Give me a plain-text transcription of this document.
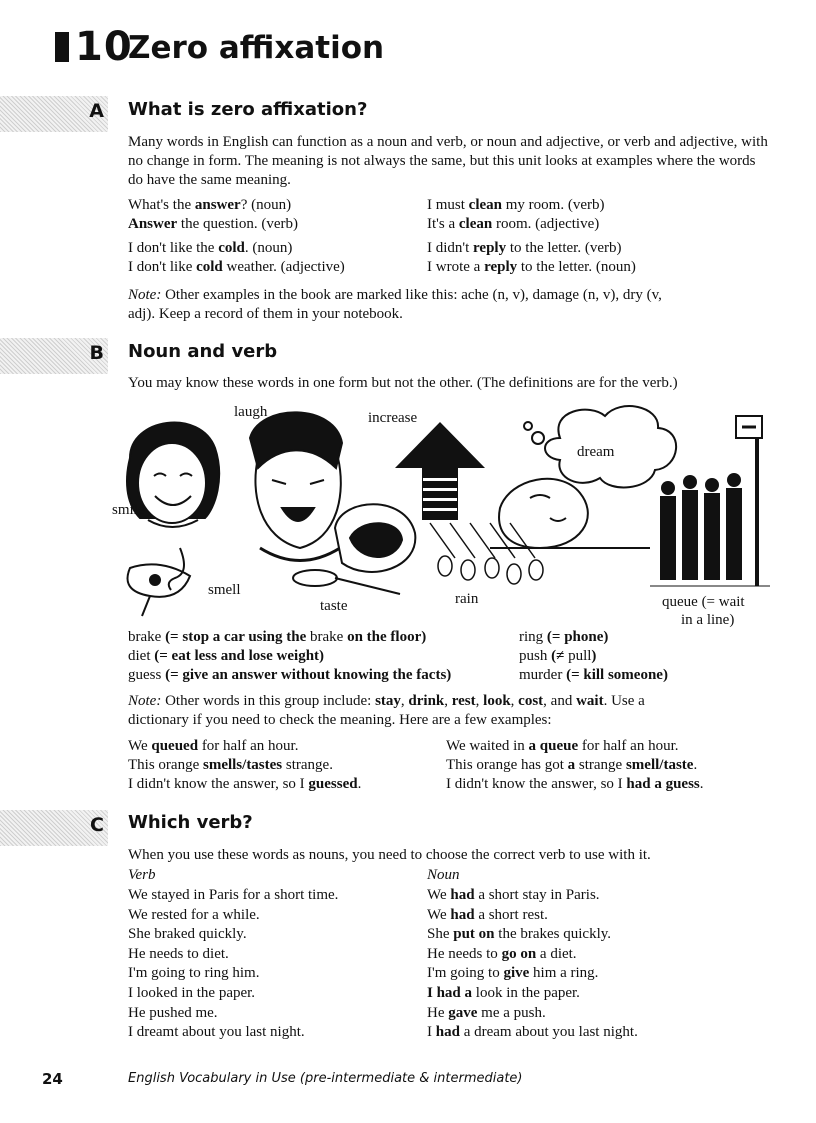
10
Zero affixation
A What is zero affixation?
Many words in English can function as a noun and verb, or noun and adjective, or verb and adjective, with no change in form. The meaning is not always the same, but this unit looks at examples where the words do have the same meaning.
What's the answer? (noun)	I must clean my room. (verb)
Answer the question. (verb)	It's a clean room. (adjective)
I don't like the cold. (noun)	I didn't reply to the letter. (verb)
I don't like cold weather. (adjective)	I wrote a reply to the letter. (noun)
Note: Other examples in the book are marked like this: ache (n, v), damage (n, v), dry (v,
adj). Keep a record of them in your notebook.
B Noun and verb
You may know these words in one form but not the other. (The definitions are for the verb.)
laugh	increase
dream
smile
smell
taste	rain	queue (= wait
in a line)
brake (= stop a car using the brake on the floor)	ring (= phone)
diet (= eat less and lose weight)	push (≠ pull)
guess (= give an answer without knowing the facts)	murder (= kill someone)
Note: Other words in this group include: stay, drink, rest, look, cost, and wait. Use a
dictionary if you need to check the meaning. Here are a few examples:
We queued for half an hour.	We waited in a queue for half an hour.
This orange smells/tastes strange.	This orange has got a strange smell/taste.
I didn't know the answer, so I guessed.	I didn't know the answer, so I had a guess.
C Which verb?
When you use these words as nouns, you need to choose the correct verb to use with it.
Verb	Noun
We stayed in Paris for a short time.	We had a short stay in Paris.
We rested for a while.	We had a short rest.
She braked quickly.	She put on the brakes quickly.
He needs to diet.	He needs to go on a diet.
I'm going to ring him.	I'm going to give him a ring.
I looked in the paper.	I had a look in the paper.
He pushed me.	He gave me a push.
I dreamt about you last night.	I had a dream about you last night.
24	English Vocabulary in Use (pre-intermediate & intermediate)
